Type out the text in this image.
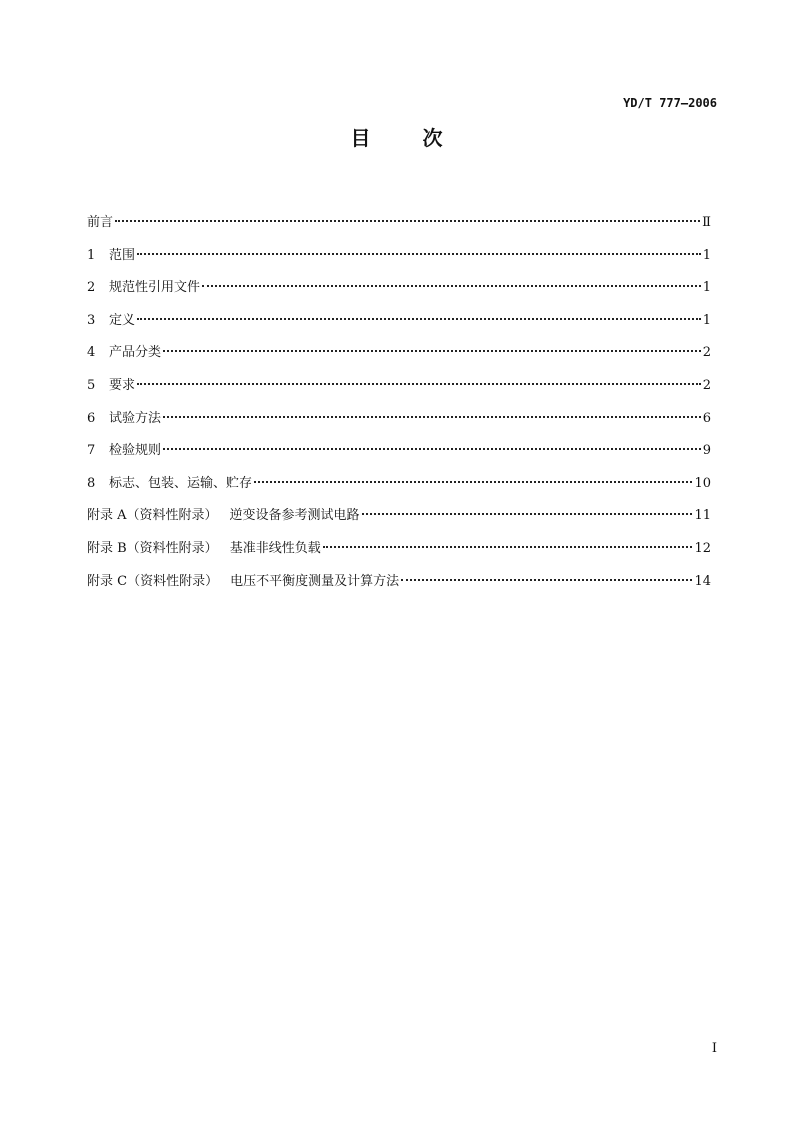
YD/T 777—2006
目	次
前言	Ⅱ
1	范围	1
2	规范性引用文件	1
3	定义	1
4	产品分类	2
5	要求	2
6	试验方法	6
7	检验规则	9
8	标志、包装、运输、贮存	10
附录 A（资料性附录） 逆变设备参考测试电路	11
附录 B（资料性附录） 基准非线性负载	12
附录 C（资料性附录） 电压不平衡度测量及计算方法	14
I
